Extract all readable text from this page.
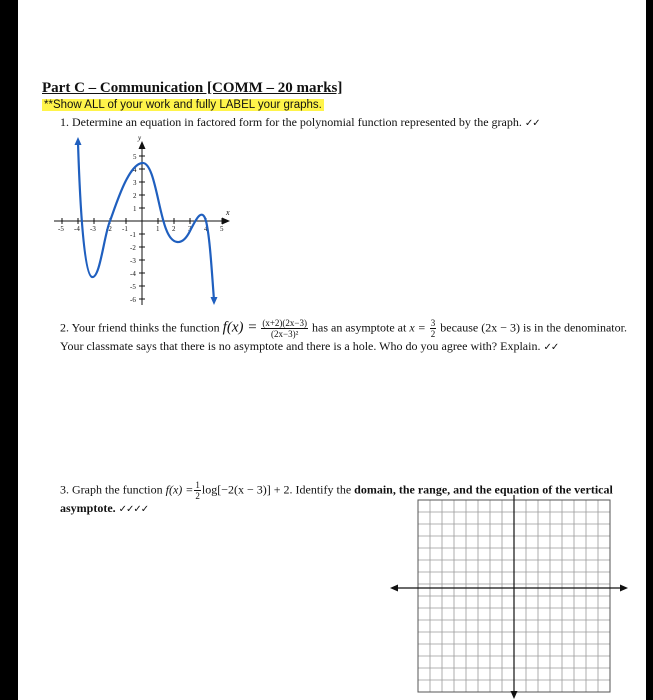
Part C – Communication [COMM – 20 marks]
**Show ALL of your work and fully LABEL your graphs.
1. Determine an equation in factored form for the polynomial function represented by the graph. ✓✓
x
y
-5 -4 -3 -2 -1	1 2 3 4 5
1
2
3
4
5
-1
-2
-3
-4
-5
-6
2. Your friend thinks the function $f(x) = \frac{(x+2)(2x-3)}{\text{(2x−3)²}}$ has an asymptote at $x = \frac{3}{2}$ because (2x − 3) is in the denominator. Your classmate says that there is no asymptote and there is a hole. Who do you agree with? Explain. ✓✓
3. Graph the function $f(x) = \frac{1}{2} \log[-2(x - 3)] + 2$. Identify the domain, the range, and the equation of the vertical asymptote. ✓✓✓✓
